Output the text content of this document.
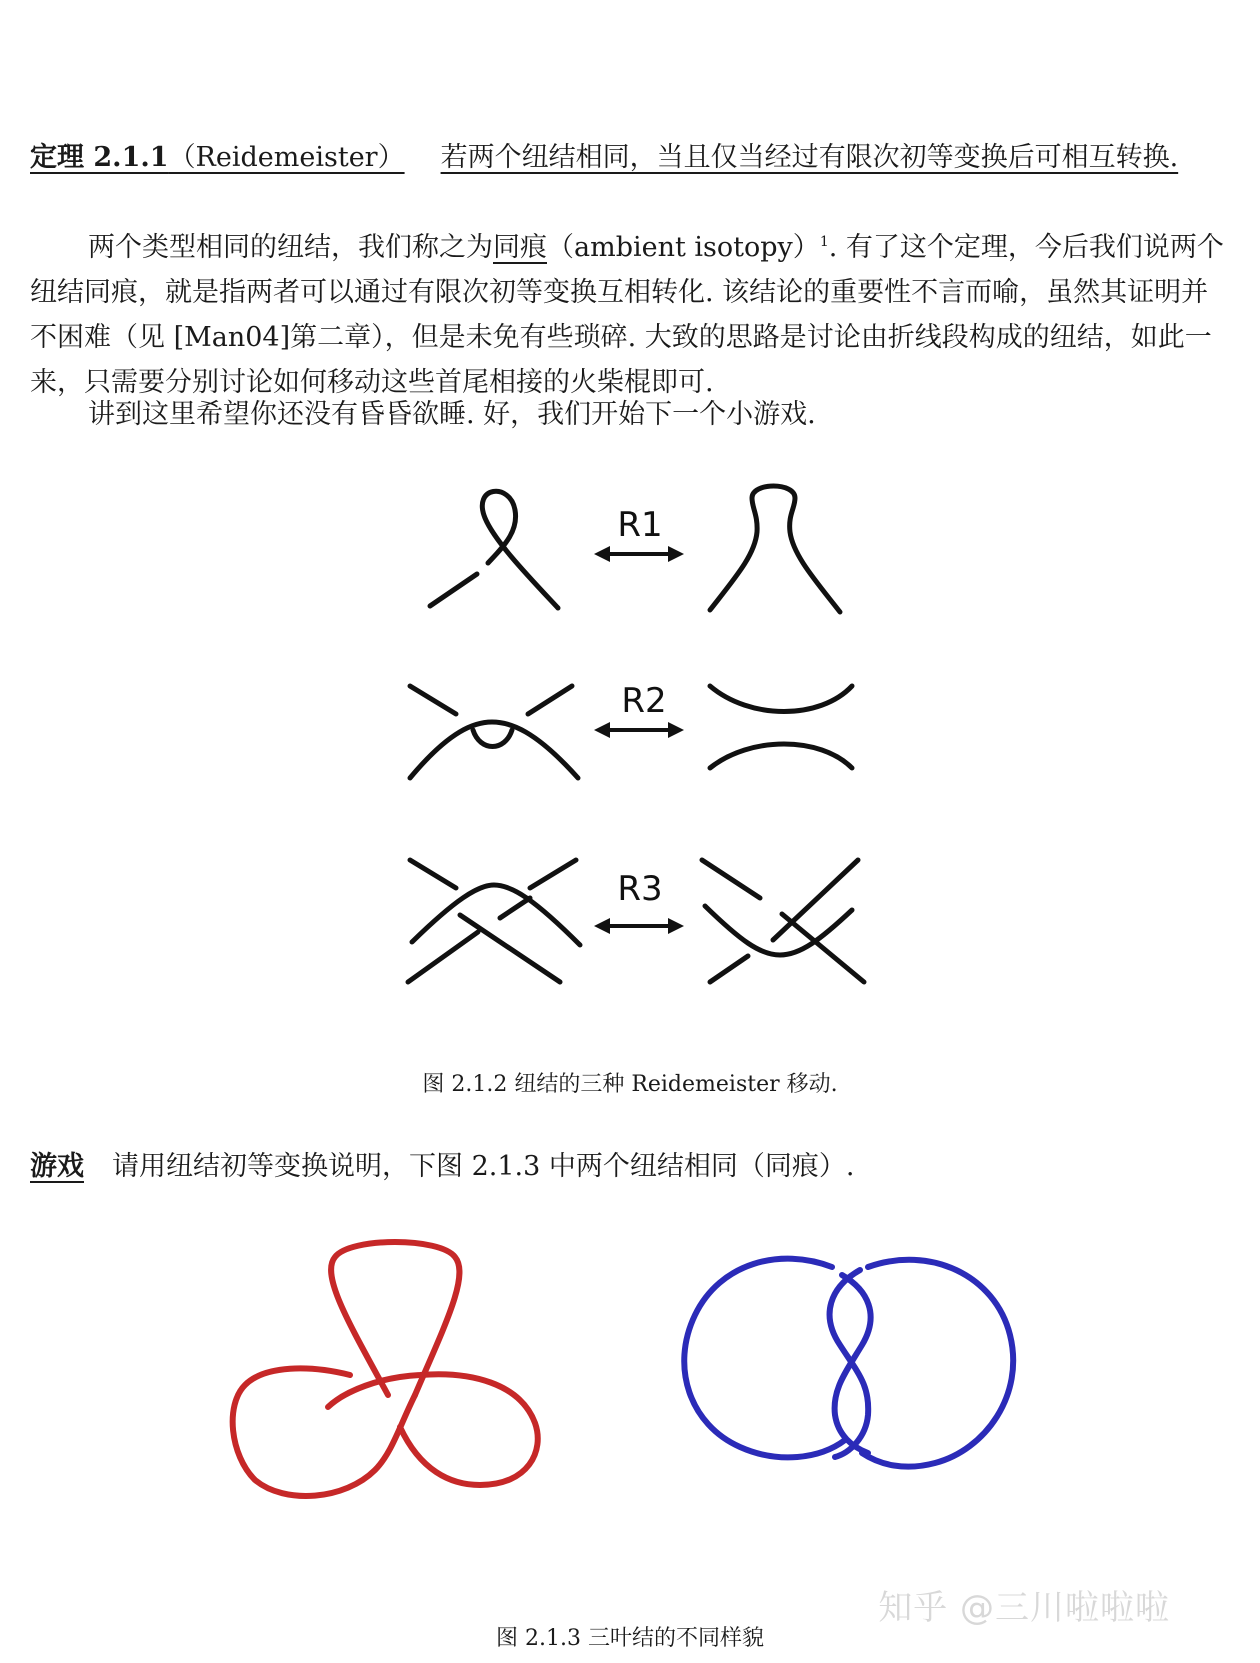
定理 2.1.1（Reidemeister） 若两个纽结相同，当且仅当经过有限次初等变换后可相互转换.

两个类型相同的纽结，我们称之为同痕（ambient isotopy）$^1$. 有了这个定理，今后我们说两个纽结同痕，就是指两者可以通过有限次初等变换互相转化. 该结论的重要性不言而喻，虽然其证明并不困难（见 [Man04]第二章），但是未免有些琐碎. 大致的思路是讨论由折线段构成的纽结，如此一来，只需要分别讨论如何移动这些首尾相接的火柴棍即可.

讲到这里希望你还没有昏昏欲睡. 好，我们开始下一个小游戏.

R1
R2
R3
图 2.1.2 纽结的三种 Reidemeister 移动.
游戏 请用纽结初等变换说明，下图 2.1.3 中两个纽结相同（同痕）.
图 2.1.3 三叶结的不同样貌
知乎 @三川啦啦啦
